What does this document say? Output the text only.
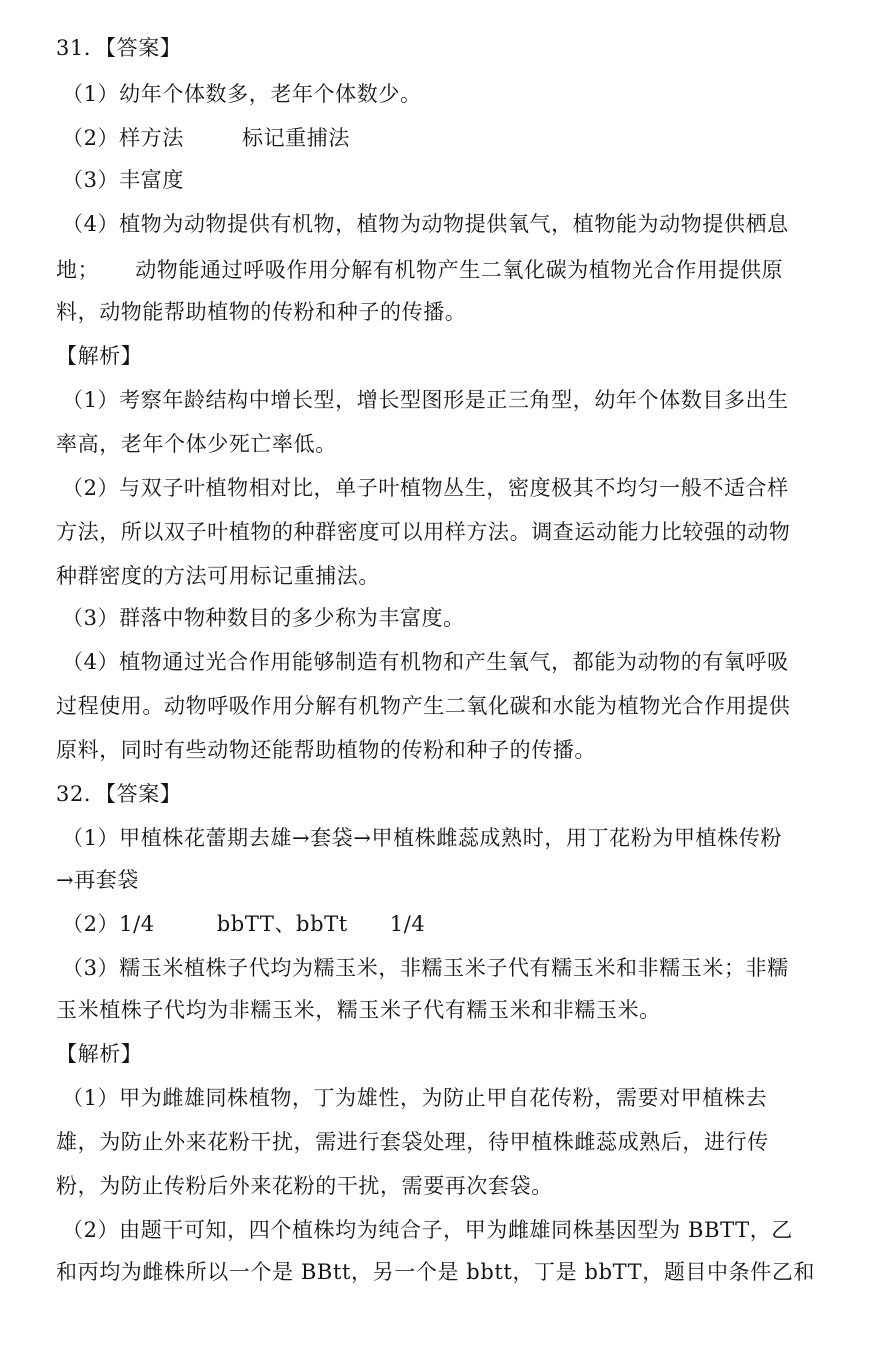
31．【答案】
（1）幼年个体数多，老年个体数少。
（2）样方法	标记重捕法
（3）丰富度
（4）植物为动物提供有机物，植物为动物提供氧气，植物能为动物提供栖息
地； 动物能通过呼吸作用分解有机物产生二氧化碳为植物光合作用提供原
料，动物能帮助植物的传粉和种子的传播。
【解析】
（1）考察年龄结构中增长型，增长型图形是正三角型，幼年个体数目多出生
率高，老年个体少死亡率低。
（2）与双子叶植物相对比，单子叶植物丛生，密度极其不均匀一般不适合样
方法，所以双子叶植物的种群密度可以用样方法。调查运动能力比较强的动物
种群密度的方法可用标记重捕法。
（3）群落中物种数目的多少称为丰富度。
（4）植物通过光合作用能够制造有机物和产生氧气，都能为动物的有氧呼吸
过程使用。动物呼吸作用分解有机物产生二氧化碳和水能为植物光合作用提供
原料，同时有些动物还能帮助植物的传粉和种子的传播。
32．【答案】
（1）甲植株花蕾期去雄→套袋→甲植株雌蕊成熟时，用丁花粉为甲植株传粉
→再套袋
（2）1/4	bbTT、bbTt 1/4
（3）糯玉米植株子代均为糯玉米，非糯玉米子代有糯玉米和非糯玉米；非糯
玉米植株子代均为非糯玉米，糯玉米子代有糯玉米和非糯玉米。
【解析】
（1）甲为雌雄同株植物，丁为雄性，为防止甲自花传粉，需要对甲植株去
雄，为防止外来花粉干扰，需进行套袋处理，待甲植株雌蕊成熟后，进行传
粉，为防止传粉后外来花粉的干扰，需要再次套袋。
（2）由题干可知，四个植株均为纯合子，甲为雌雄同株基因型为 BBTT，乙
和丙均为雌株所以一个是 BBtt，另一个是 bbtt，丁是 bbTT，题目中条件乙和
